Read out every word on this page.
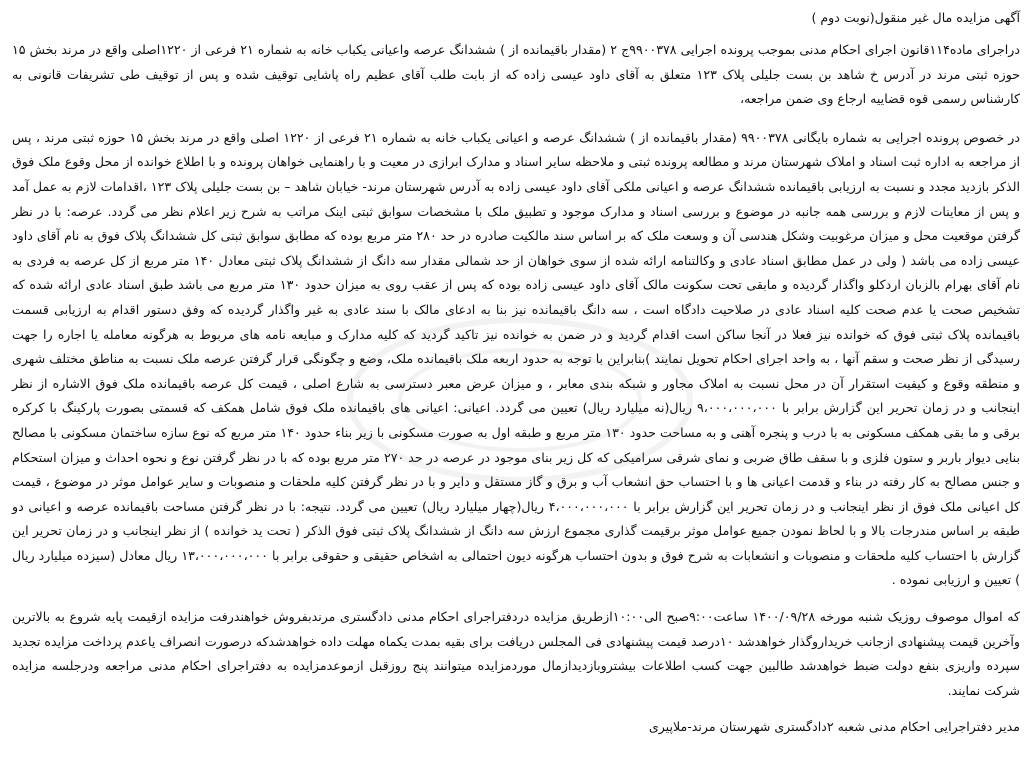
آگهی مزایده مال غیر منقول(نوبت دوم )

دراجرای ماده۱۱۴قانون اجرای احکام مدنی بموجب پرونده اجرایی ۹۹۰۰۳۷۸ج ۲ (مقدار باقیمانده از ) ششدانگ عرصه واعیانی یکباب خانه به شماره ۲۱ فرعی از ۱۲۲۰اصلی واقع در مرند بخش ۱۵ حوزه ثبتی مرند در آدرس خ شاهد بن بست جلیلی پلاک ۱۲۳ متعلق به آقای داود عیسی زاده که از بابت طلب آقای عظیم راه پاشایی توقیف شده و پس از توقیف طی تشریفات قانونی به کارشناس رسمی قوه قضاییه ارجاع وی ضمن مراجعه،

در خصوص پرونده اجرایی به شماره بایگانی ۹۹۰۰۳۷۸ (مقدار باقیمانده از ) ششدانگ عرصه و اعیانی یکباب خانه به شماره ۲۱ فرعی از ۱۲۲۰ اصلی واقع در مرند بخش ۱۵ حوزه ثبتی مرند ، پس از مراجعه به اداره ثبت اسناد و املاک شهرستان مرند و مطالعه پرونده ثبتی و ملاحظه سایر اسناد و مدارک ابرازی در معیت و با راهنمایی خواهان پرونده و با اطلاع خوانده از محل وقوع ملک فوق الذکر بازدید مجدد و نسبت به ارزیابی باقیمانده ششدانگ عرصه و اعیانی ملکی آقای داود عیسی زاده به آدرس شهرستان مرند- خیابان شاهد – بن بست جلیلی پلاک ۱۲۳ ،اقدامات لازم به عمل آمد و پس از معاینات لازم و بررسی همه جانبه در موضوع و بررسی اسناد و مدارک موجود و تطبیق ملک با مشخصات سوابق ثبتی اینک مراتب به شرح زیر اعلام نظر می گردد. عرصه: با در نظر گرفتن موقعیت محل و میزان مرغوبیت وشکل هندسی آن و وسعت ملک که بر اساس سند مالکیت صادره در حد ۲۸۰ متر مربع بوده که مطابق سوابق ثبتی کل ششدانگ پلاک فوق به نام آقای داود عیسی زاده می باشد ( ولی در عمل مطابق اسناد عادی و وکالتنامه ارائه شده از سوی خواهان از حد شمالی مقدار سه دانگ از ششدانگ پلاک ثبتی معادل ۱۴۰ متر مربع از کل عرصه به فردی به نام آقای بهرام بالزبان اردکلو واگذار گردیده و مابقی تحت سکونت مالک آقای داود عیسی زاده بوده که پس از عقب روی به میزان حدود ۱۳۰ متر مربع می باشد طبق اسناد عادی ارائه شده که تشخیص صحت یا عدم صحت کلیه اسناد عادی در صلاحیت دادگاه است ، سه دانگ باقیمانده نیز بنا به ادعای مالک با سند عادی به غیر واگذار گردیده که وفق دستور اقدام به ارزیابی قسمت باقیمانده پلاک ثبتی فوق که خوانده نیز فعلا در آنجا ساکن است اقدام گردید و در ضمن به خوانده نیز تاکید گردید که کلیه مدارک و مبایعه نامه های مربوط به هرگونه معامله یا اجاره را جهت رسیدگی از نظر صحت و سقم آنها ، به واحد اجرای احکام تحویل نمایند )بنابراین با توجه به حدود اربعه ملک باقیمانده ملک، وضع و چگونگی قرار گرفتن عرصه ملک نسبت به مناطق مختلف شهری و منطقه وقوع و کیفیت استقرار آن در محل نسبت به املاک مجاور و شبکه بندی معابر ، و میزان عرض معبر دسترسی به شارع اصلی ، قیمت کل عرصه باقیمانده ملک فوق الاشاره از نظر اینجانب و در زمان تحریر این گزارش برابر با ۹،۰۰۰،۰۰۰،۰۰۰ ریال(نه میلیارد ریال) تعیین می گردد. اعیانی: اعیانی های باقیمانده ملک فوق شامل همکف که قسمتی بصورت پارکینگ با کرکره برقی و ما بقی همکف مسکونی به با درب و پنجره آهنی و به مساحت حدود ۱۳۰ متر مربع و طبقه اول به صورت مسکونی با زیر بناء حدود ۱۴۰ متر مربع که نوع سازه ساختمان مسکونی با مصالح بنایی دیوار باربر و ستون فلزی و با سقف طاق ضربی و نمای شرقی سرامیکی که کل زیر بنای موجود در عرصه در حد ۲۷۰ متر مربع بوده که با در نظر گرفتن نوع و نحوه احداث و میزان استحکام و جنس مصالح به کار رفته در بناء و قدمت اعیانی ها و با احتساب حق انشعاب آب و برق و گاز مستقل و دایر و با در نظر گرفتن کلیه ملحقات و منصوبات و سایر عوامل موثر در موضوع ، قیمت کل اعیانی ملک فوق از نظر اینجانب و در زمان تحریر این گزارش برابر با ۴،۰۰۰،۰۰۰،۰۰۰ ریال(چهار میلیارد ریال) تعیین می گردد. نتیجه: با در نظر گرفتن مساحت باقیمانده عرصه و اعیانی دو طبقه بر اساس مندرجات بالا و با لحاظ نمودن جمیع عوامل موثر برقیمت گذاری مجموع ارزش سه دانگ از ششدانگ پلاک ثبتی فوق الذکر ( تحت ید خوانده ) از نظر اینجانب و در زمان تحریر این گزارش با احتساب کلیه ملحقات و منصوبات و انشعابات به شرح فوق و بدون احتساب هرگونه دیون احتمالی به اشخاص حقیقی و حقوقی برابر با ۱۳،۰۰۰،۰۰۰،۰۰۰ ریال معادل (سیزده میلیارد ریال ) تعیین و ارزیابی نموده .

که اموال موصوف روزیک شنبه مورخه ۱۴۰۰/۰۹/۲۸ ساعت۹:۰۰صبح الی۱۰:۰۰ازطریق مزایده دردفتراجرای احکام مدنی دادگستری مرندبفروش خواهندرفت مزایده ازقیمت پایه شروع به بالاترین وآخرین قیمت پیشنهادی ازجانب خریداروگذار خواهدشد ۱۰درصد قیمت پیشنهادی فی المجلس دریافت برای بقیه بمدت یکماه مهلت داده خواهدشدکه درصورت انصراف یاعدم پرداخت مزایده تجدید سپرده واریزی بنفع دولت ضبط خواهدشد طالبین جهت کسب اطلاعات بیشتروبازدیدازمال موردمزایده میتوانند پنج روزقبل ازموعدمزایده به دفتراجرای احکام مدنی مراجعه ودرجلسه مزایده شرکت نمایند.

مدیر دفتراجرایی احکام مدنی شعبه ۲دادگستری شهرستان مرند-ملاپیری
